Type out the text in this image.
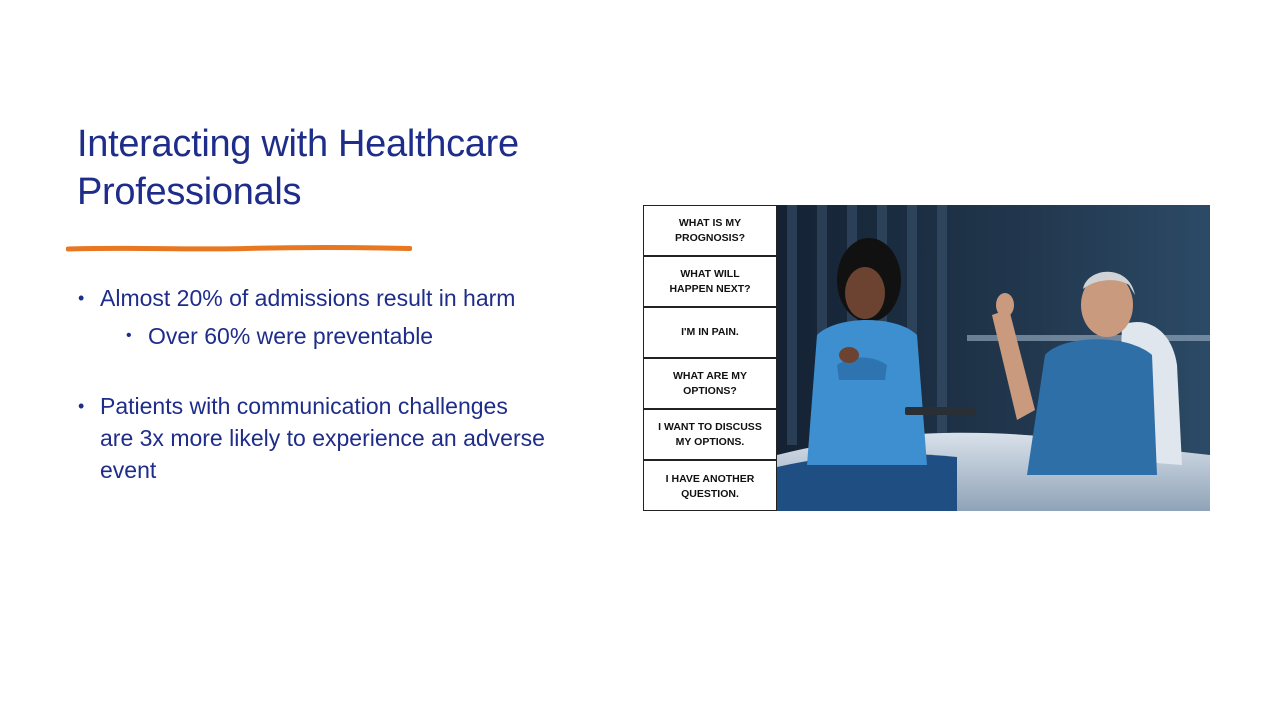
Interacting with Healthcare
Professionals
• Almost 20% of admissions result in harm
• Over 60% were preventable
• Patients with communication challenges are 3x more likely to experience an adverse event
WHAT IS MY
PROGNOSIS?
WHAT WILL
HAPPEN NEXT?
I'M IN PAIN.
WHAT ARE MY
OPTIONS?
I WANT TO DISCUSS
MY OPTIONS.
I HAVE ANOTHER
QUESTION.
